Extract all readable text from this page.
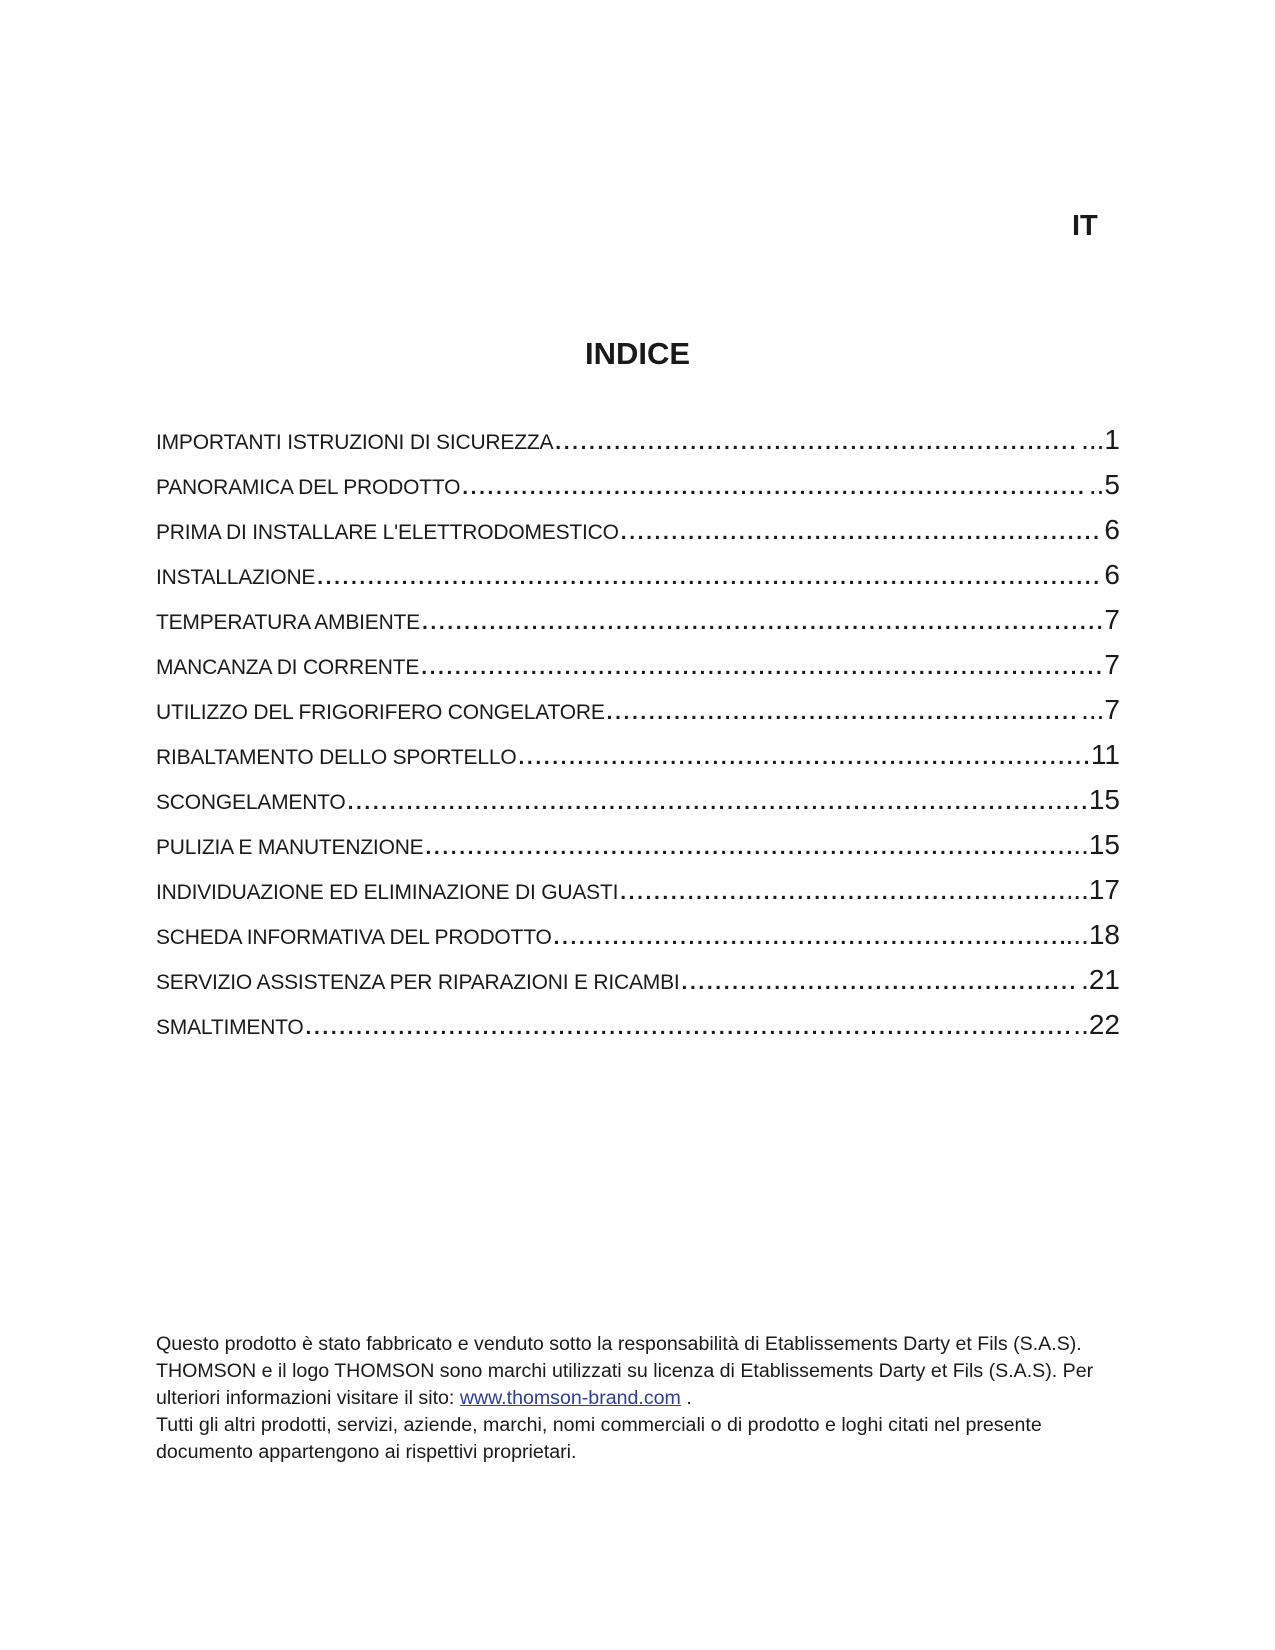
IT
INDICE
IMPORTANTI ISTRUZIONI DI SICUREZZA .....	...1
PANORAMICA DEL PRODOTTO .....	..5
PRIMA DI INSTALLARE L'ELETTRODOMESTICO .....	6
INSTALLAZIONE .....	6
TEMPERATURA AMBIENTE .....	7
MANCANZA DI CORRENTE .....	7
UTILIZZO DEL FRIGORIFERO CONGELATORE .....	...7
RIBALTAMENTO DELLO SPORTELLO .....	11
SCONGELAMENTO .....	15
PULIZIA E MANUTENZIONE .....	..15
INDIVIDUAZIONE ED ELIMINAZIONE DI GUASTI .....	..17
SCHEDA INFORMATIVA DEL PRODOTTO .....	...18
SERVIZIO ASSISTENZA PER RIPARAZIONI E RICAMBI .....	.21
SMALTIMENTO .....	..22

Questo prodotto è stato fabbricato e venduto sotto la responsabilità di Etablissements Darty et Fils (S.A.S). THOMSON e il logo THOMSON sono marchi utilizzati su licenza di Etablissements Darty et Fils (S.A.S). Per ulteriori informazioni visitare il sito: www.thomson-brand.com .

Tutti gli altri prodotti, servizi, aziende, marchi, nomi commerciali o di prodotto e loghi citati nel presente documento appartengono ai rispettivi proprietari.
